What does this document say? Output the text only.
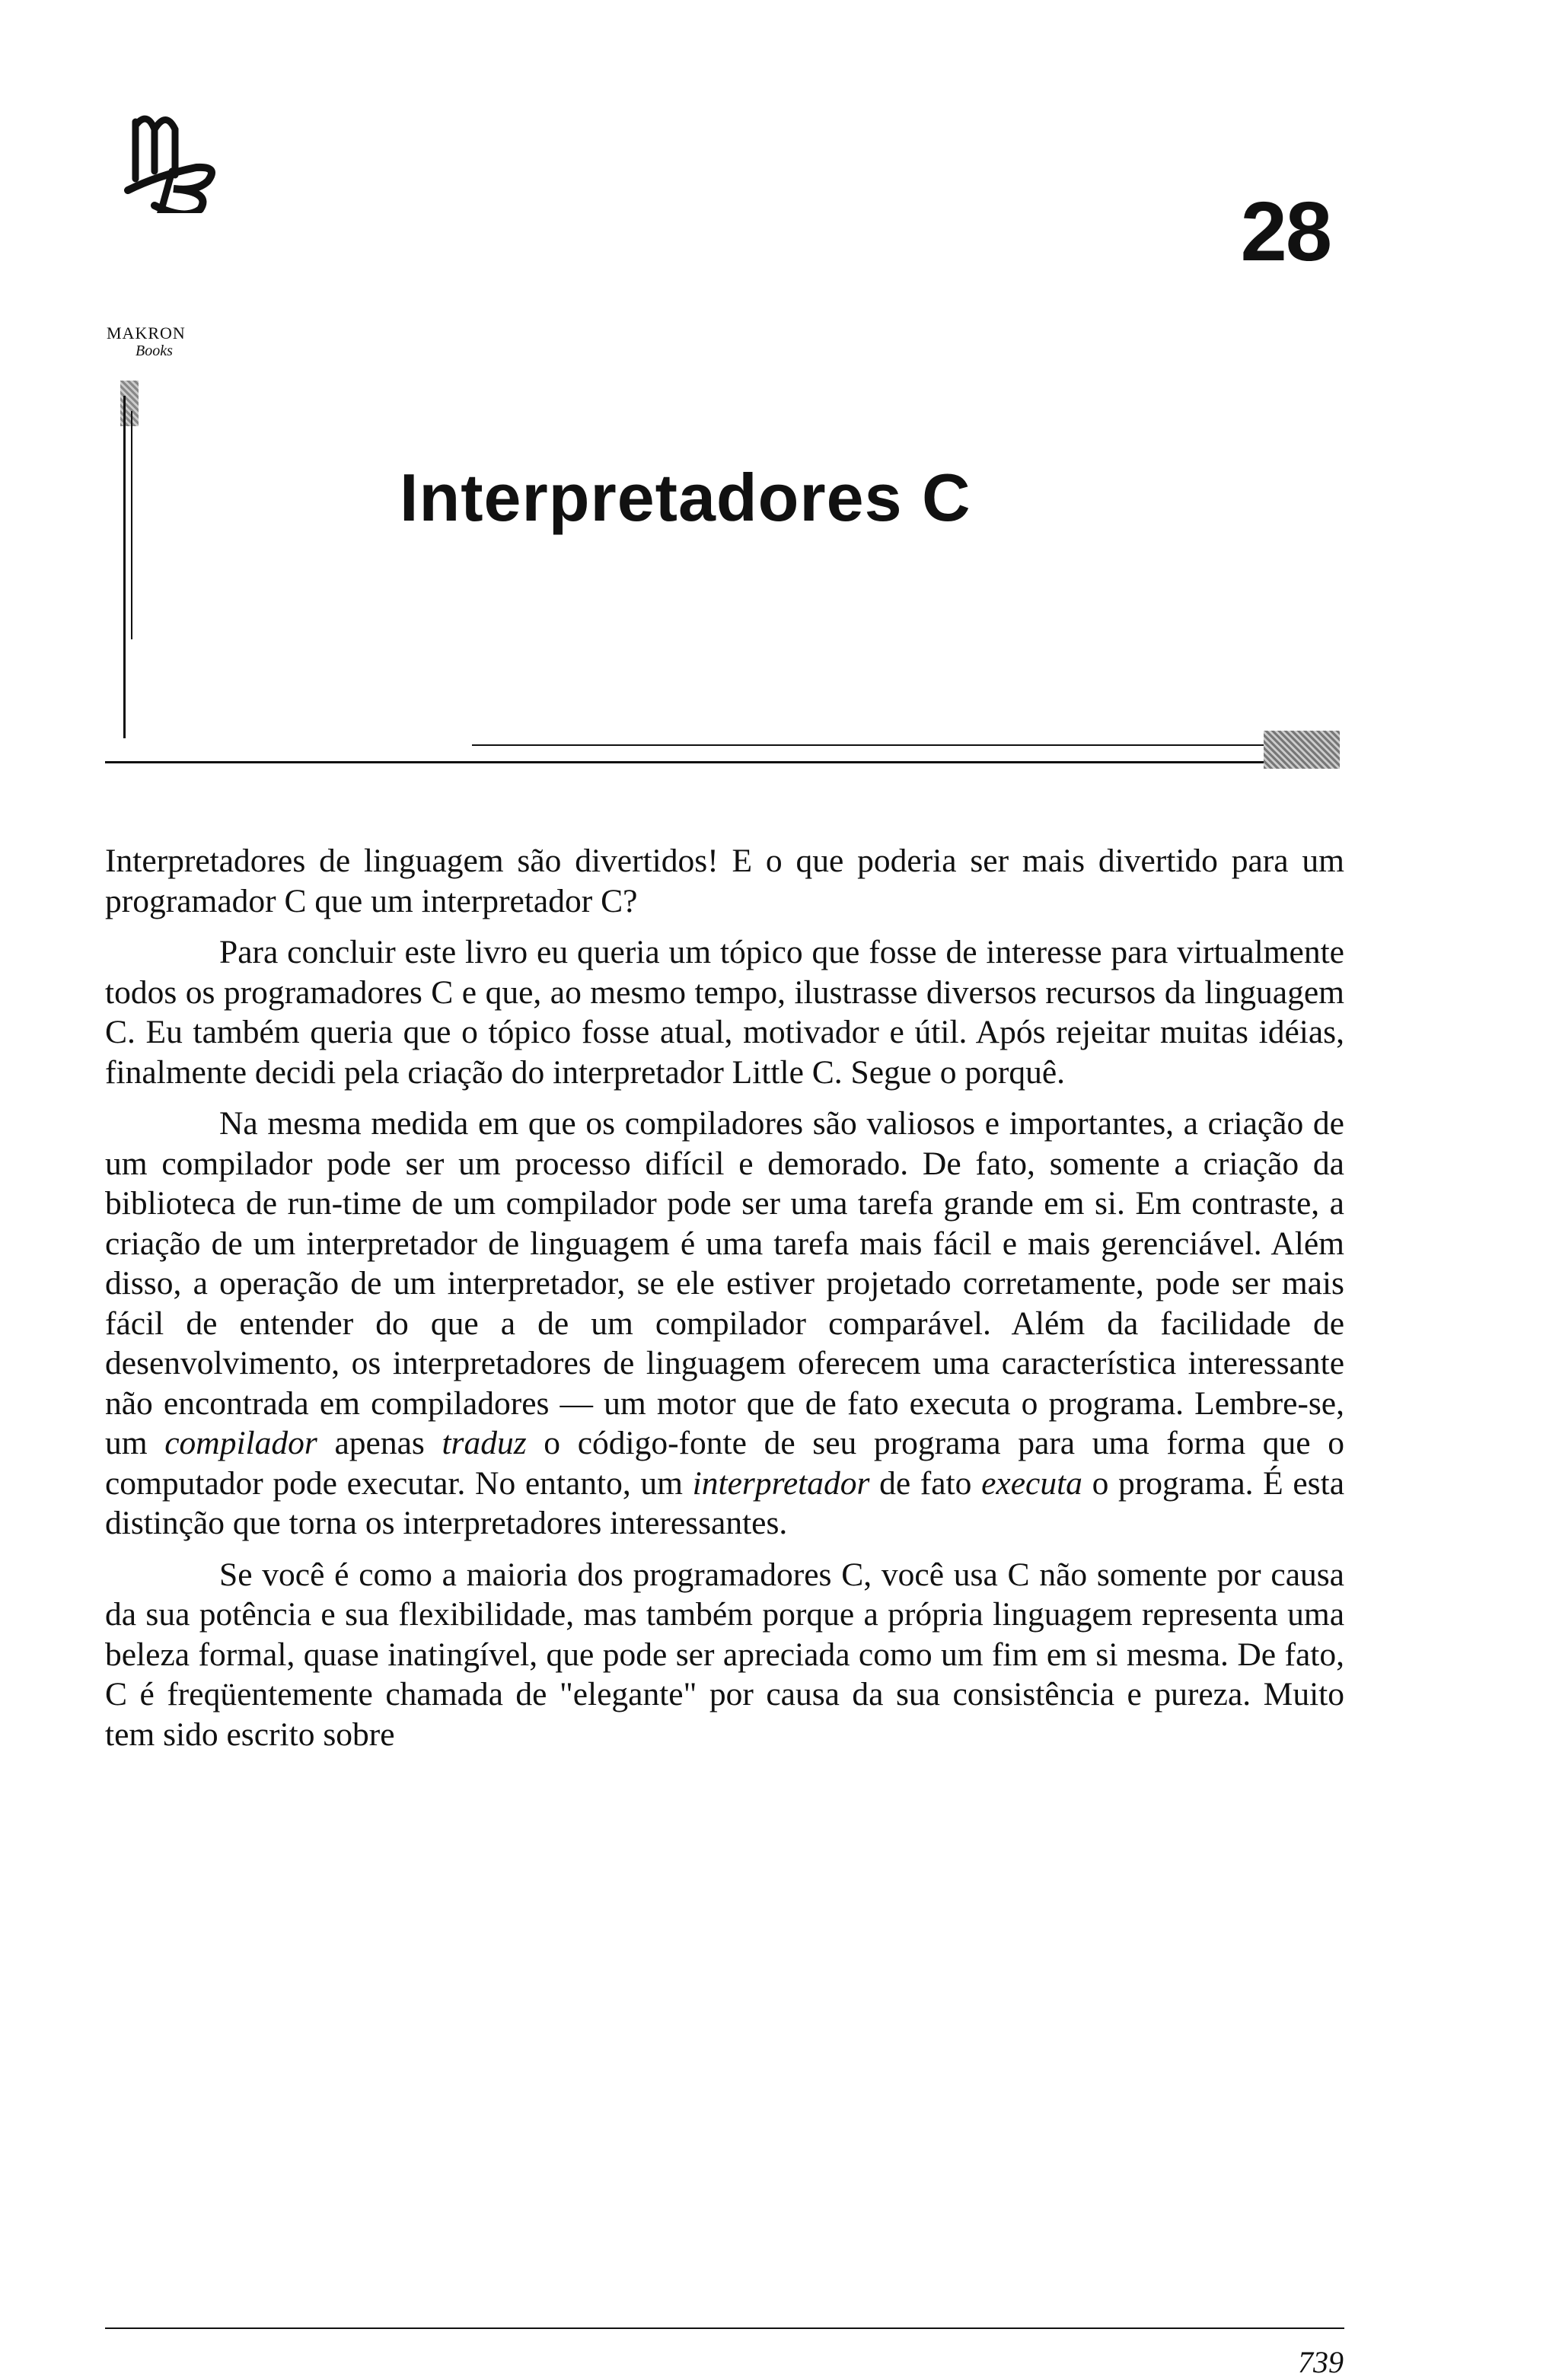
MAKRON
Books
28
Interpretadores C

Interpretadores de linguagem são divertidos! E o que poderia ser mais divertido para um programador C que um interpretador C?

Para concluir este livro eu queria um tópico que fosse de interesse para virtualmente todos os programadores C e que, ao mesmo tempo, ilustrasse diversos recursos da linguagem C. Eu também queria que o tópico fosse atual, motivador e útil. Após rejeitar muitas idéias, finalmente decidi pela criação do interpretador Little C. Segue o porquê.

Na mesma medida em que os compiladores são valiosos e importantes, a criação de um compilador pode ser um processo difícil e demorado. De fato, somente a criação da biblioteca de run-time de um compilador pode ser uma tarefa grande em si. Em contraste, a criação de um interpretador de linguagem é uma tarefa mais fácil e mais gerenciável. Além disso, a operação de um interpretador, se ele estiver projetado corretamente, pode ser mais fácil de entender do que a de um compilador comparável. Além da facilidade de desenvolvimento, os interpretadores de linguagem oferecem uma característica interessante não encontrada em compiladores — um motor que de fato executa o programa. Lembre-se, um compilador apenas traduz o código-fonte de seu programa para uma forma que o computador pode executar. No entanto, um interpretador de fato executa o programa. É esta distinção que torna os interpretadores interessantes.

Se você é como a maioria dos programadores C, você usa C não somente por causa da sua potência e sua flexibilidade, mas também porque a própria linguagem representa uma beleza formal, quase inatingível, que pode ser apreciada como um fim em si mesma. De fato, C é freqüentemente chamada de "elegante" por causa da sua consistência e pureza. Muito tem sido escrito sobre

739
